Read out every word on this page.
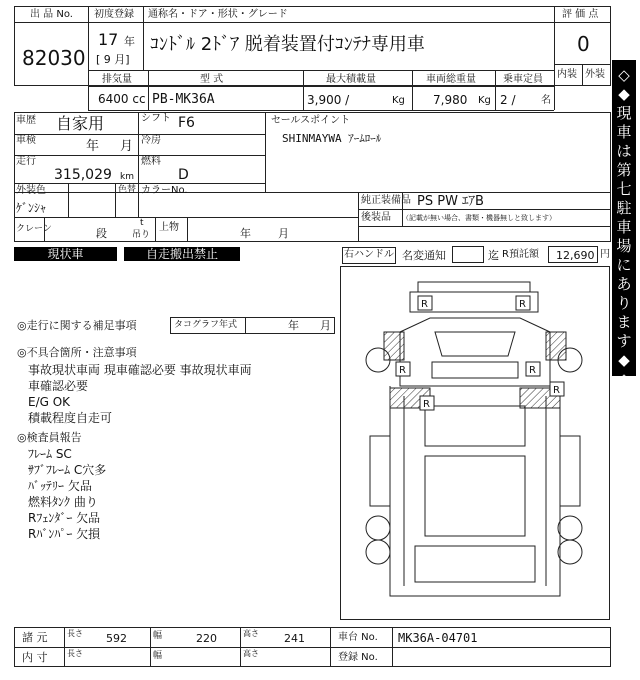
出 品 No.
82030
初度登録
17 年
[ 9 月]
通称名・ドア・形状・グレード
ｺﾝﾄﾞﾙ 2ﾄﾞｱ 脱着装置付ｺﾝﾃﾅ専用車
評 価 点
0
内装 外装
排気量
6400 cc
型 式
PB-MK36A
最大積載量
3,900 /	Kg
車両総重量
7,980 Kg
乗車定員
2 /	名
◇◆現車は第七駐車場にあります◆◇
車歴 自家用	シフト F6
車検	年 月 冷房
走行
315,029 km
燃料
D
外装色
ｹﾞﾝｼｬ
色替 カラーNo.
セールスポイント
SHINMAYWA ｱｰﾑﾛｰﾙ
クレーン	段
t
吊り
上物	年 月
純正装備品 PS PW ｴｱB
後装品 （記載が無い場合、書類・機器無しと致します）
現状車	自走搬出禁止	右ハンドル 名変通知	迄 R預託額 12,690 円
◎走行に関する補足事項	タコグラフ年式	年 月
◎不具合箇所・注意事項
事故現状車両 現車確認必要 事故現状車両
車確認必要
E/G OK
積載程度自走可
◎検査員報告
ﾌﾚｰﾑ SC
ｻﾌﾞﾌﾚｰﾑ C穴多
ﾊﾞｯﾃﾘｰ 欠品
燃料ﾀﾝｸ 曲り
Rﾌｪﾝﾀﾞｰ 欠品
Rﾊﾞﾝﾊﾟｰ 欠損
R	R
R	R
R
R
諸 元 長さ 592	幅	220	高さ 241	車台 No. MK36A-04701
内 寸 長さ	幅	高さ	登録 No.
